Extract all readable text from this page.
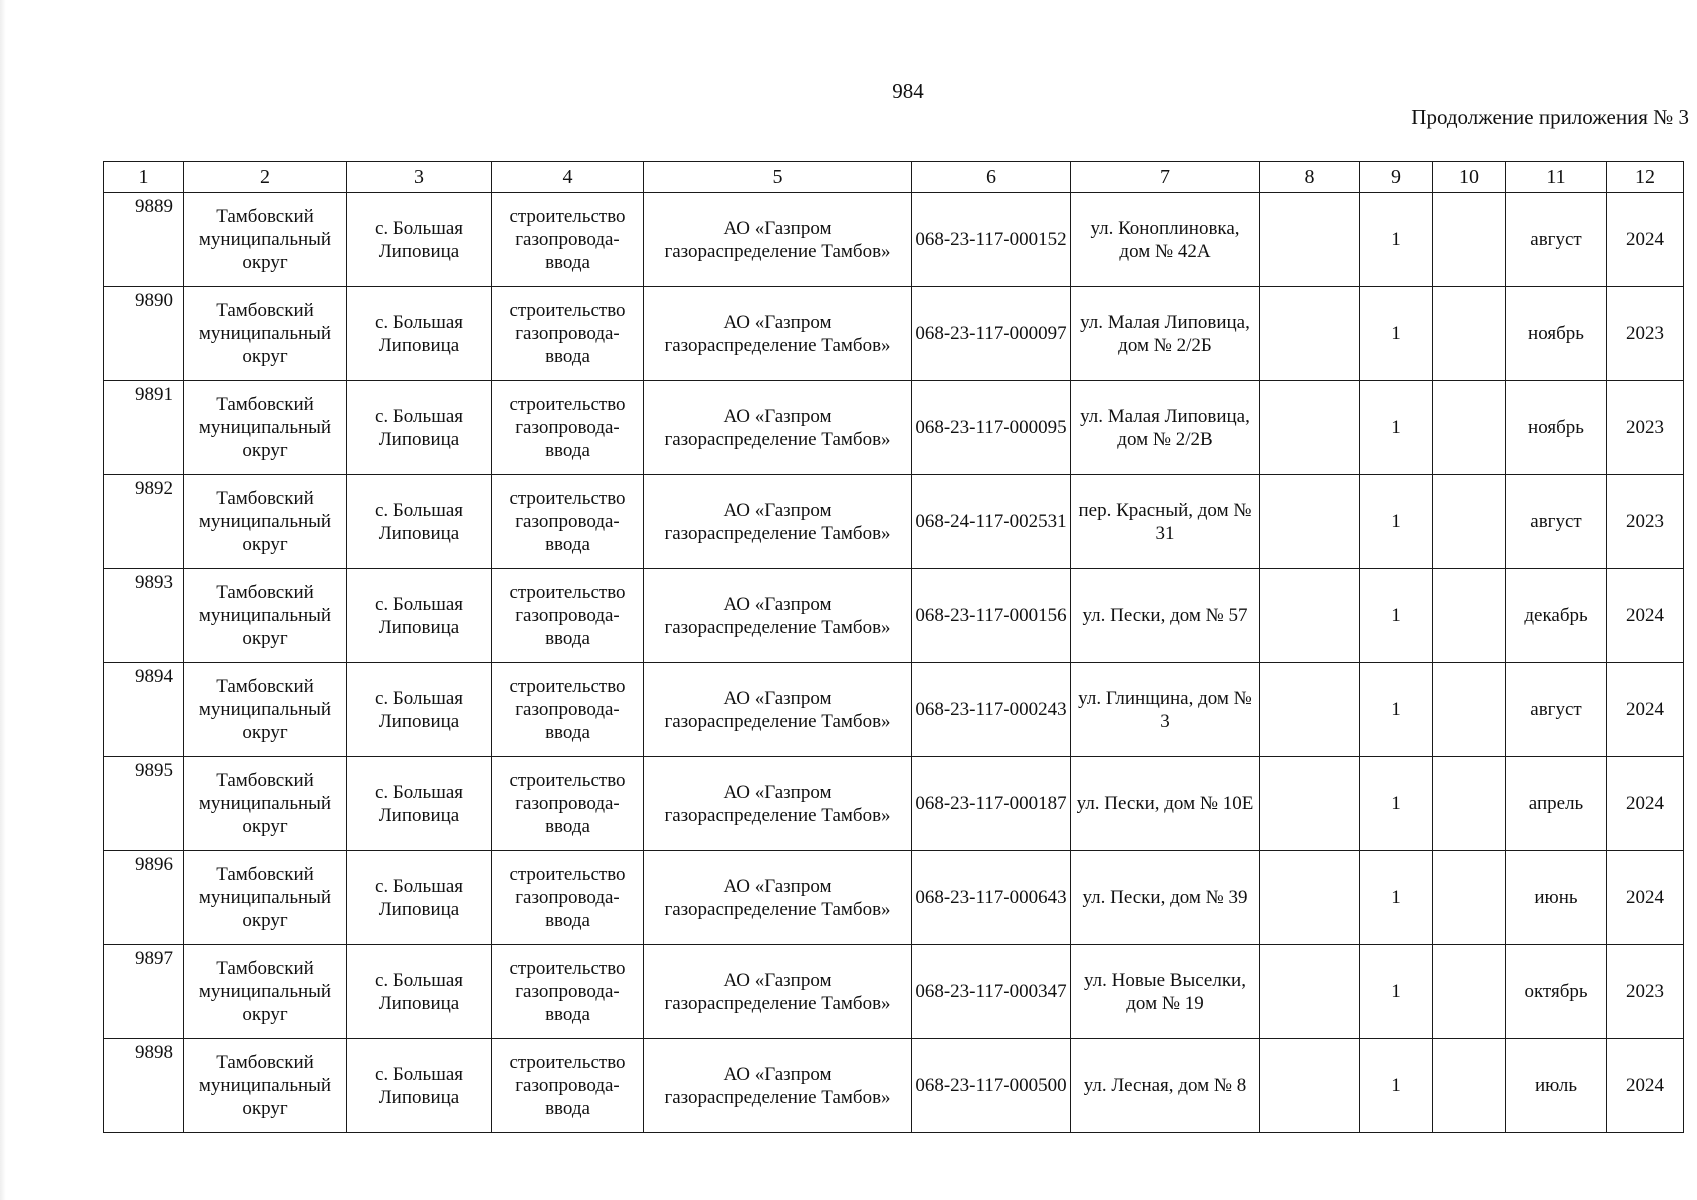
984
Продолжение приложения № 3
1	2	3	4	5	6	7	8	9	10	11	12
9889	Тамбовский муниципальный округ	с. Большая Липовица	строительство газопровода-ввода	АО «Газпром газораспределение Тамбов»	068-23-117-000152	ул. Коноплиновка, дом № 42А		1		август	2024
9890	Тамбовский муниципальный округ	с. Большая Липовица	строительство газопровода-ввода	АО «Газпром газораспределение Тамбов»	068-23-117-000097	ул. Малая Липовица, дом № 2/2Б		1		ноябрь	2023
9891	Тамбовский муниципальный округ	с. Большая Липовица	строительство газопровода-ввода	АО «Газпром газораспределение Тамбов»	068-23-117-000095	ул. Малая Липовица, дом № 2/2В		1		ноябрь	2023
9892	Тамбовский муниципальный округ	с. Большая Липовица	строительство газопровода-ввода	АО «Газпром газораспределение Тамбов»	068-24-117-002531	пер. Красный, дом № 31		1		август	2023
9893	Тамбовский муниципальный округ	с. Большая Липовица	строительство газопровода-ввода	АО «Газпром газораспределение Тамбов»	068-23-117-000156	ул. Пески, дом № 57		1		декабрь	2024
9894	Тамбовский муниципальный округ	с. Большая Липовица	строительство газопровода-ввода	АО «Газпром газораспределение Тамбов»	068-23-117-000243	ул. Глинщина, дом № 3		1		август	2024
9895	Тамбовский муниципальный округ	с. Большая Липовица	строительство газопровода-ввода	АО «Газпром газораспределение Тамбов»	068-23-117-000187	ул. Пески, дом № 10Е		1		апрель	2024
9896	Тамбовский муниципальный округ	с. Большая Липовица	строительство газопровода-ввода	АО «Газпром газораспределение Тамбов»	068-23-117-000643	ул. Пески, дом № 39		1		июнь	2024
9897	Тамбовский муниципальный округ	с. Большая Липовица	строительство газопровода-ввода	АО «Газпром газораспределение Тамбов»	068-23-117-000347	ул. Новые Выселки, дом № 19		1		октябрь	2023
9898	Тамбовский муниципальный округ	с. Большая Липовица	строительство газопровода-ввода	АО «Газпром газораспределение Тамбов»	068-23-117-000500	ул. Лесная, дом № 8		1		июль	2024
